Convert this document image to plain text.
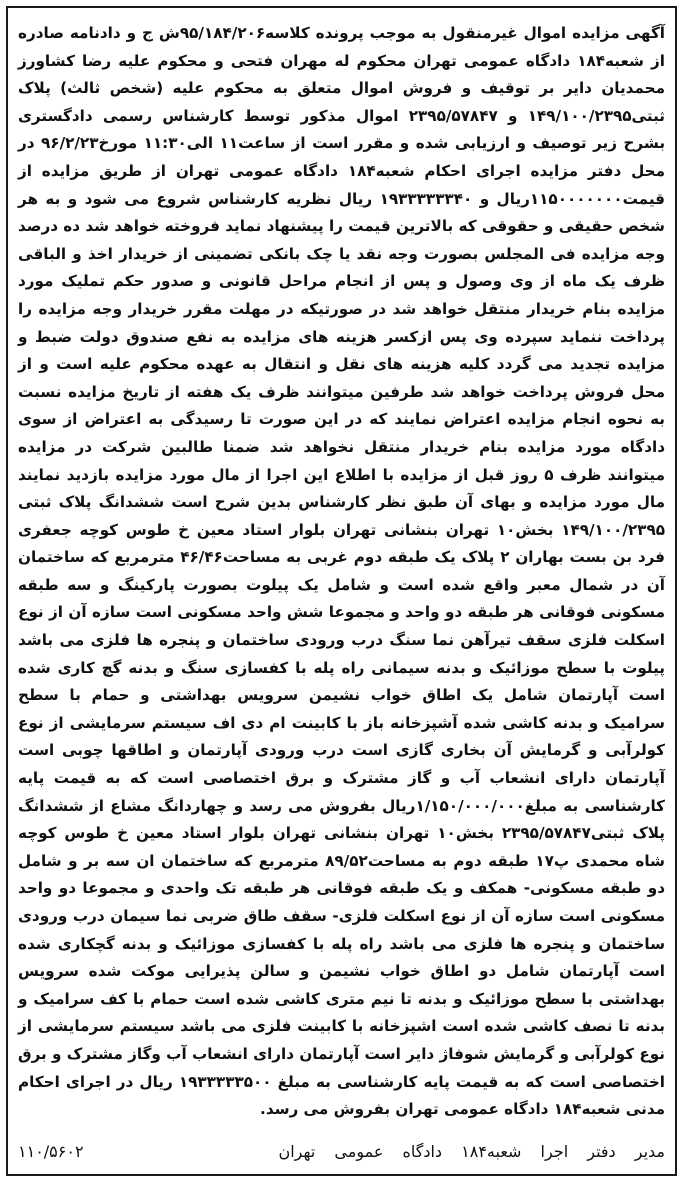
آگهی مزایده اموال غیرمنقول به موجب پرونده کلاسه۹۵/۱۸۴/۲۰۶ش ج و دادنامه صادره از شعبه۱۸۴ دادگاه عمومی تهران محکوم له مهران فتحی و محکوم علیه رضا کشاورز محمدیان دایر بر توقیف و فروش اموال متعلق به محکوم علیه (شخص ثالث) پلاک ثبتی۱۴۹/۱۰۰/۲۳۹۵ و ۲۳۹۵/۵۷۸۴۷ اموال مذکور توسط کارشناس رسمی دادگستری بشرح زیر توصیف و ارزیابی شده و مقرر است از ساعت۱۱ الی۱۱:۳۰ مورخ۹۶/۲/۲۳ در محل دفتر مزایده اجرای احکام شعبه۱۸۴ دادگاه عمومی تهران از طریق مزایده از قیمت۱۱۵۰۰۰۰۰۰۰ریال و ۱۹۳۳۳۳۳۳۴۰ ریال نظریه کارشناس شروع می شود و به هر شخص حقیقی و حقوقی که بالاترین قیمت را پیشنهاد نماید فروخته خواهد شد ده درصد وجه مزایده فی المجلس بصورت وجه نقد یا چک بانکی تضمینی از خریدار اخذ و الباقی ظرف یک ماه از وی وصول و پس از انجام مراحل قانونی و صدور حکم تملیک مورد مزایده بنام خریدار منتقل خواهد شد در صورتیکه در مهلت مقرر خریدار وجه مزایده را پرداخت ننماید سپرده وی پس ازکسر هزینه های مزایده به نفع صندوق دولت ضبط و مزایده تجدید می گردد کلیه هزینه های نقل و انتقال به عهده محکوم علیه است و از محل فروش پرداخت خواهد شد طرفین میتوانند ظرف یک هفته از تاریخ مزایده نسبت به نحوه انجام مزایده اعتراض نمایند که در این صورت تا رسیدگی به اعتراض از سوی دادگاه مورد مزایده بنام خریدار منتقل نخواهد شد ضمنا طالبین شرکت در مزایده میتوانند ظرف ۵ روز قبل از مزایده با اطلاع این اجرا از مال مورد مزایده بازدید نمایند مال مورد مزایده و بهای آن طبق نظر کارشناس بدین شرح است ششدانگ پلاک ثبتی ۱۴۹/۱۰۰/۲۳۹۵ بخش۱۰ تهران بنشانی تهران بلوار استاد معین خ طوس کوچه جعفری فرد بن بست بهاران ۲ پلاک یک طبقه دوم غربی به مساحت۴۶/۴۶ مترمربع که ساختمان آن در شمال معبر واقع شده است و شامل یک پیلوت بصورت پارکینگ و سه طبقه مسکونی فوقانی هر طبقه دو واحد و مجموعا شش واحد مسکونی است سازه آن از نوع اسکلت فلزی سقف تیرآهن نما سنگ درب ورودی ساختمان و پنجره ها فلزی می باشد پیلوت با سطح موزائیک و بدنه سیمانی راه پله با کفسازی سنگ و بدنه گچ کاری شده است آپارتمان شامل یک اطاق خواب نشیمن سرویس بهداشتی و حمام با سطح سرامیک و بدنه کاشی شده آشپزخانه باز با کابینت ام دی اف سیستم سرمایشی از نوع کولرآبی و گرمایش آن بخاری گازی است درب ورودی آپارتمان و اطاقها چوبی است آپارتمان دارای انشعاب آب و گاز مشترک و برق اختصاصی است که به قیمت پایه کارشناسی به مبلغ۱/۱۵۰/۰۰۰/۰۰۰ریال بفروش می رسد و چهاردانگ مشاع از ششدانگ پلاک ثبتی۲۳۹۵/۵۷۸۴۷ بخش۱۰ تهران بنشانی تهران بلوار استاد معین خ طوس کوچه شاه محمدی پ۱۷ طبقه دوم به مساحت۸۹/۵۲ مترمربع که ساختمان ان سه بر و شامل دو طبقه مسکونی- همکف و یک طبقه فوقانی هر طبقه تک واحدی و مجموعا دو واحد مسکونی است سازه آن از نوع اسکلت فلزی- سقف طاق ضربی نما سیمان درب ورودی ساختمان و پنجره ها فلزی می باشد راه پله با کفسازی موزائیک و بدنه گچکاری شده است آپارتمان شامل دو اطاق خواب نشیمن و سالن پذیرایی موکت شده سرویس بهداشتی با سطح موزائیک و بدنه تا نیم متری کاشی شده است حمام با کف سرامیک و بدنه تا نصف کاشی شده است اشپزخانه با کابینت فلزی می باشد سیستم سرمایشی از نوع کولرآبی و گرمایش شوفاژ دایر است آپارتمان دارای انشعاب آب وگاز مشترک و برق اختصاصی است که به قیمت پایه کارشناسی به مبلغ ۱۹۳۳۳۳۳۵۰۰ ریال در اجرای احکام مدنی شعبه۱۸۴ دادگاه عمومی تهران بفروش می رسد.
مدیر دفتر اجرا شعبه۱۸۴ دادگاه عمومی تهران
۱۱۰/۵۶۰۲
